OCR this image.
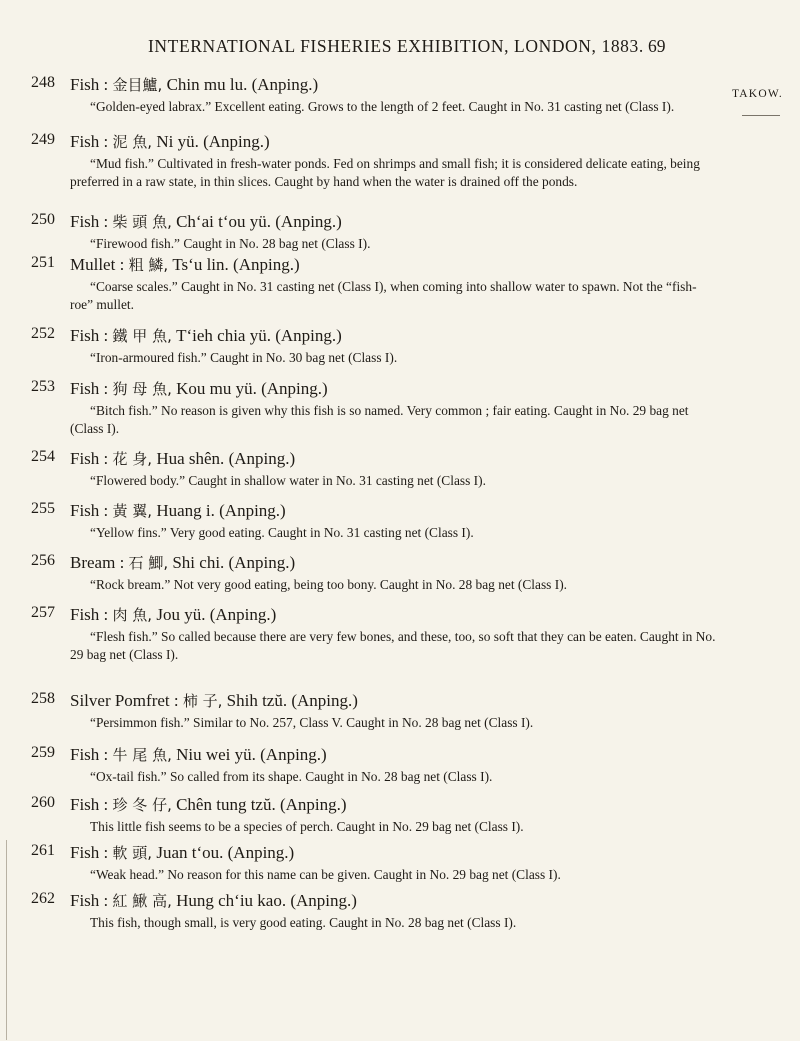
INTERNATIONAL FISHERIES EXHIBITION, LONDON, 1883. 69
TAKOW.
248 Fish : 金目鱸, Chin mu lu. (Anping.)

“Golden-eyed labrax.” Excellent eating. Grows to the length of 2 feet. Caught in No. 31 casting net (Class I).

249 Fish : 泥 魚, Ni yü. (Anping.)

“Mud fish.” Cultivated in fresh-water ponds. Fed on shrimps and small fish; it is considered delicate eating, being preferred in a raw state, in thin slices. Caught by hand when the water is drained off the ponds.

250 Fish : 柴 頭 魚, Ch‘ai t‘ou yü. (Anping.)

“Firewood fish.” Caught in No. 28 bag net (Class I).

251 Mullet : 粗 鱗, Ts‘u lin. (Anping.)

“Coarse scales.” Caught in No. 31 casting net (Class I), when coming into shallow water to spawn. Not the “fish-roe” mullet.

252 Fish : 鐵 甲 魚, T‘ieh chia yü. (Anping.)

“Iron-armoured fish.” Caught in No. 30 bag net (Class I).

253 Fish : 狗 母 魚, Kou mu yü. (Anping.)

“Bitch fish.” No reason is given why this fish is so named. Very common ; fair eating. Caught in No. 29 bag net (Class I).

254 Fish : 花 身, Hua shên. (Anping.)

“Flowered body.” Caught in shallow water in No. 31 casting net (Class I).

255 Fish : 黃 翼, Huang i. (Anping.)

“Yellow fins.” Very good eating. Caught in No. 31 casting net (Class I).

256 Bream : 石 鯽, Shi chi. (Anping.)

“Rock bream.” Not very good eating, being too bony. Caught in No. 28 bag net (Class I).

257 Fish : 肉 魚, Jou yü. (Anping.)

“Flesh fish.” So called because there are very few bones, and these, too, so soft that they can be eaten. Caught in No. 29 bag net (Class I).

258 Silver Pomfret : 柿 子, Shih tzŭ. (Anping.)

“Persimmon fish.” Similar to No. 257, Class V. Caught in No. 28 bag net (Class I).

259 Fish : 牛 尾 魚, Niu wei yü. (Anping.)

“Ox-tail fish.” So called from its shape. Caught in No. 28 bag net (Class I).

260 Fish : 珍 冬 仔, Chên tung tzŭ. (Anping.)

This little fish seems to be a species of perch. Caught in No. 29 bag net (Class I).

261 Fish : 軟 頭, Juan t‘ou. (Anping.)

“Weak head.” No reason for this name can be given. Caught in No. 29 bag net (Class I).

262 Fish : 紅 鰍 高, Hung ch‘iu kao. (Anping.)

This fish, though small, is very good eating. Caught in No. 28 bag net (Class I).
